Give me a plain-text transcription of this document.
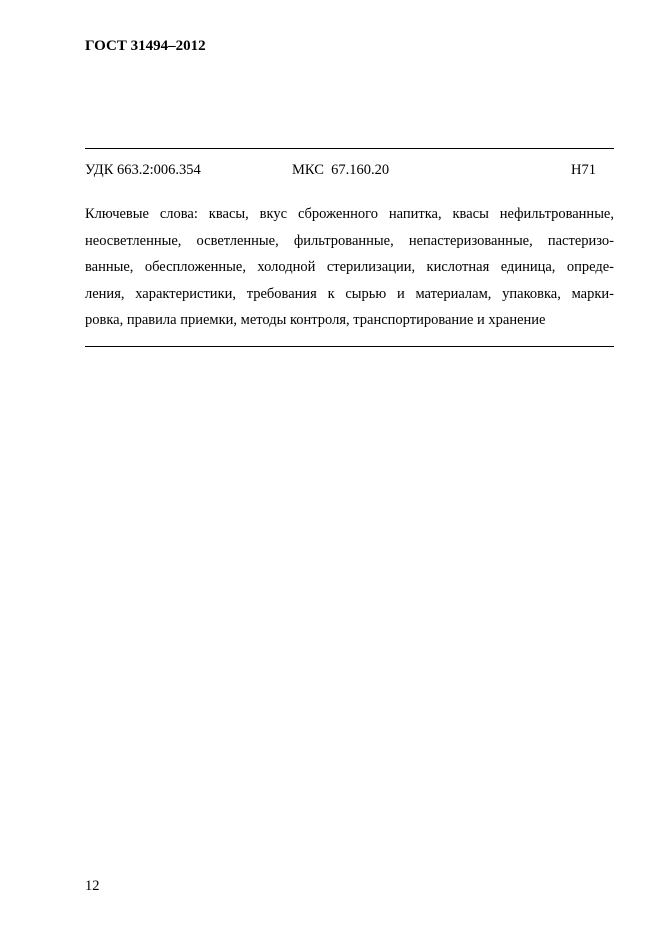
ГОСТ 31494–2012
УДК 663.2:006.354	МКС  67.160.20	Н71
Ключевые слова: квасы, вкус сброженного напитка, квасы нефильтрованные,
неосветленные, осветленные, фильтрованные, непастеризованные, пастеризо-
ванные, обеспложенные, холодной стерилизации, кислотная единица, опреде-
ления, характеристики, требования к сырью и материалам, упаковка, марки-
ровка, правила приемки, методы контроля, транспортирование и хранение
12
